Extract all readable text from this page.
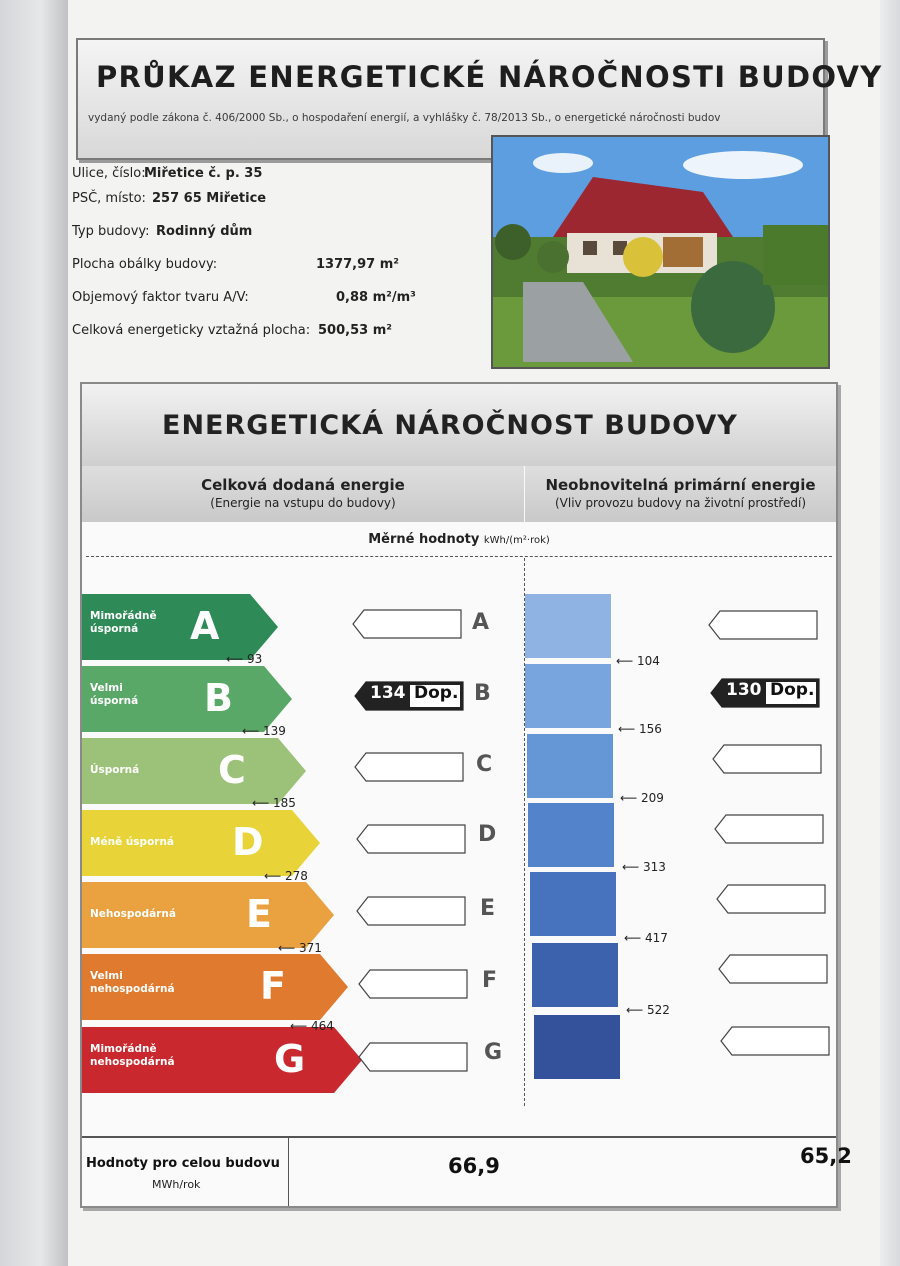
PRŮKAZ ENERGETICKÉ NÁROČNOSTI BUDOVY
vydaný podle zákona č. 406/2000 Sb., o hospodaření energií, a vyhlášky č. 78/2013 Sb., o energetické náročnosti budov
Ulice, číslo:
Miřetice č. p. 35
PSČ, místo: 257 65 Miřetice
Typ budovy: Rodinný dům
Plocha obálky budovy:	1377,97 m²
Objemový faktor tvaru A/V:	0,88 m²/m³
Celková energeticky vztažná plocha: 500,53 m²
ENERGETICKÁ NÁROČNOST BUDOVY
Celková dodaná energie
(Energie na vstupu do budovy)
Neobnovitelná primární energie
(Vliv provozu budovy na životní prostředí)
Měrné hodnoty kWh/(m²·rok)
Mimořádně
úsporná	A
Velmi
úsporná B
Úsporná C
Méně úsporná D
Nehospodárná E
Velmi
nehospodárná F
Mimořádně
nehospodárná	G
⟵ 93
⟵ 139
⟵ 185
⟵ 278
⟵ 371
⟵ 464
A
134 Dop. B
C
D
E
F
G
⟵ 104
⟵ 156
⟵ 209
⟵ 313
⟵ 417
⟵ 522
130 Dop.
Hodnoty pro celou budovu
MWh/rok
66,9	65,2
